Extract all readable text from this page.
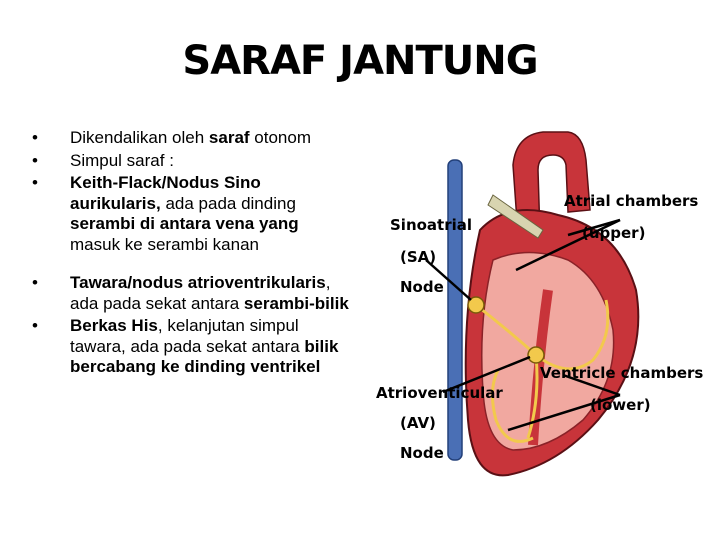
SARAF JANTUNG
• Dikendalikan oleh saraf otonom
• Simpul saraf :
• Keith-Flack/Nodus Sino aurikularis, ada pada dinding serambi di antara vena yang masuk ke serambi kanan
• Tawara/nodus atrioventrikularis, ada pada sekat antara serambi-bilik
• Berkas His, kelanjutan simpul tawara, ada pada sekat antara bilik bercabang ke dinding ventrikel
Sinoatrial
(SA)
Node
Atrial chambers
(upper)
Atrioventicular
(AV)
Node
Ventricle chambers
(lower)
